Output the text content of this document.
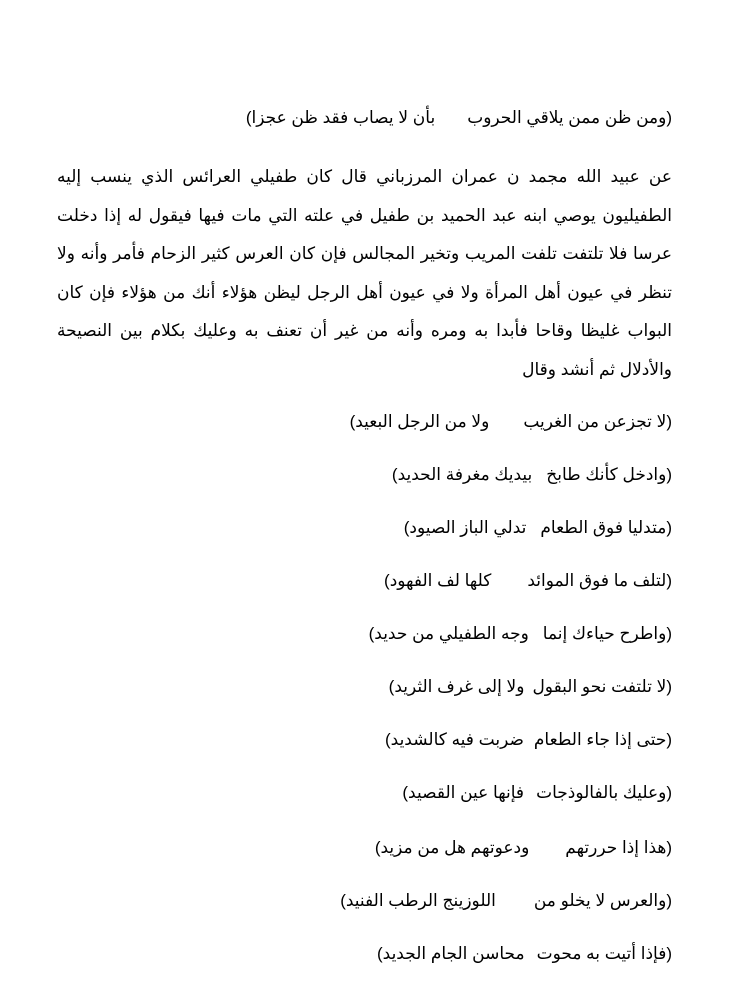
(ومن ظن ممن يلاقي الحروببأن لا يصاب فقد ظن عجزا)
عن عبيد الله مجمد ن عمران المرزباني قال كان طفيلي العرائس الذي ينسب إليه الطفيليون يوصي ابنه عبد الحميد بن طفيل في علته التي مات فيها فيقول له إذا دخلت عرسا فلا تلتفت تلفت المريب وتخير المجالس فإن كان العرس كثير الزحام فأمر وأنه ولا تنظر في عيون أهل المرأة ولا في عيون أهل الرجل ليظن هؤلاء أنك من هؤلاء فإن كان البواب غليظا وقاحا فأبدا به ومره وأنه من غير أن تعنف به وعليك بكلام بين النصيحة والأدلال ثم أنشد وقال
(لا تجزعن من الغريبولا من الرجل البعيد)
(وادخل كأنك طابخبيديك مغرفة الحديد)
(متدليا فوق الطعامتدلي الباز الصيود)
(لتلف ما فوق الموائدكلها لف الفهود)
(واطرح حياءك إنماوجه الطفيلي من حديد)
(لا تلتفت نحو البقولولا إلى غرف الثريد)
(حتى إذا جاء الطعامضربت فيه كالشديد)
(وعليك بالفالوذجاتفإنها عين القصيد)
(هذا إذا حررتهمودعوتهم هل من مزيد)
(والعرس لا يخلو مناللوزينج الرطب الفنيد)
(فإذا أتيت به محوتمحاسن الجام الجديد)
